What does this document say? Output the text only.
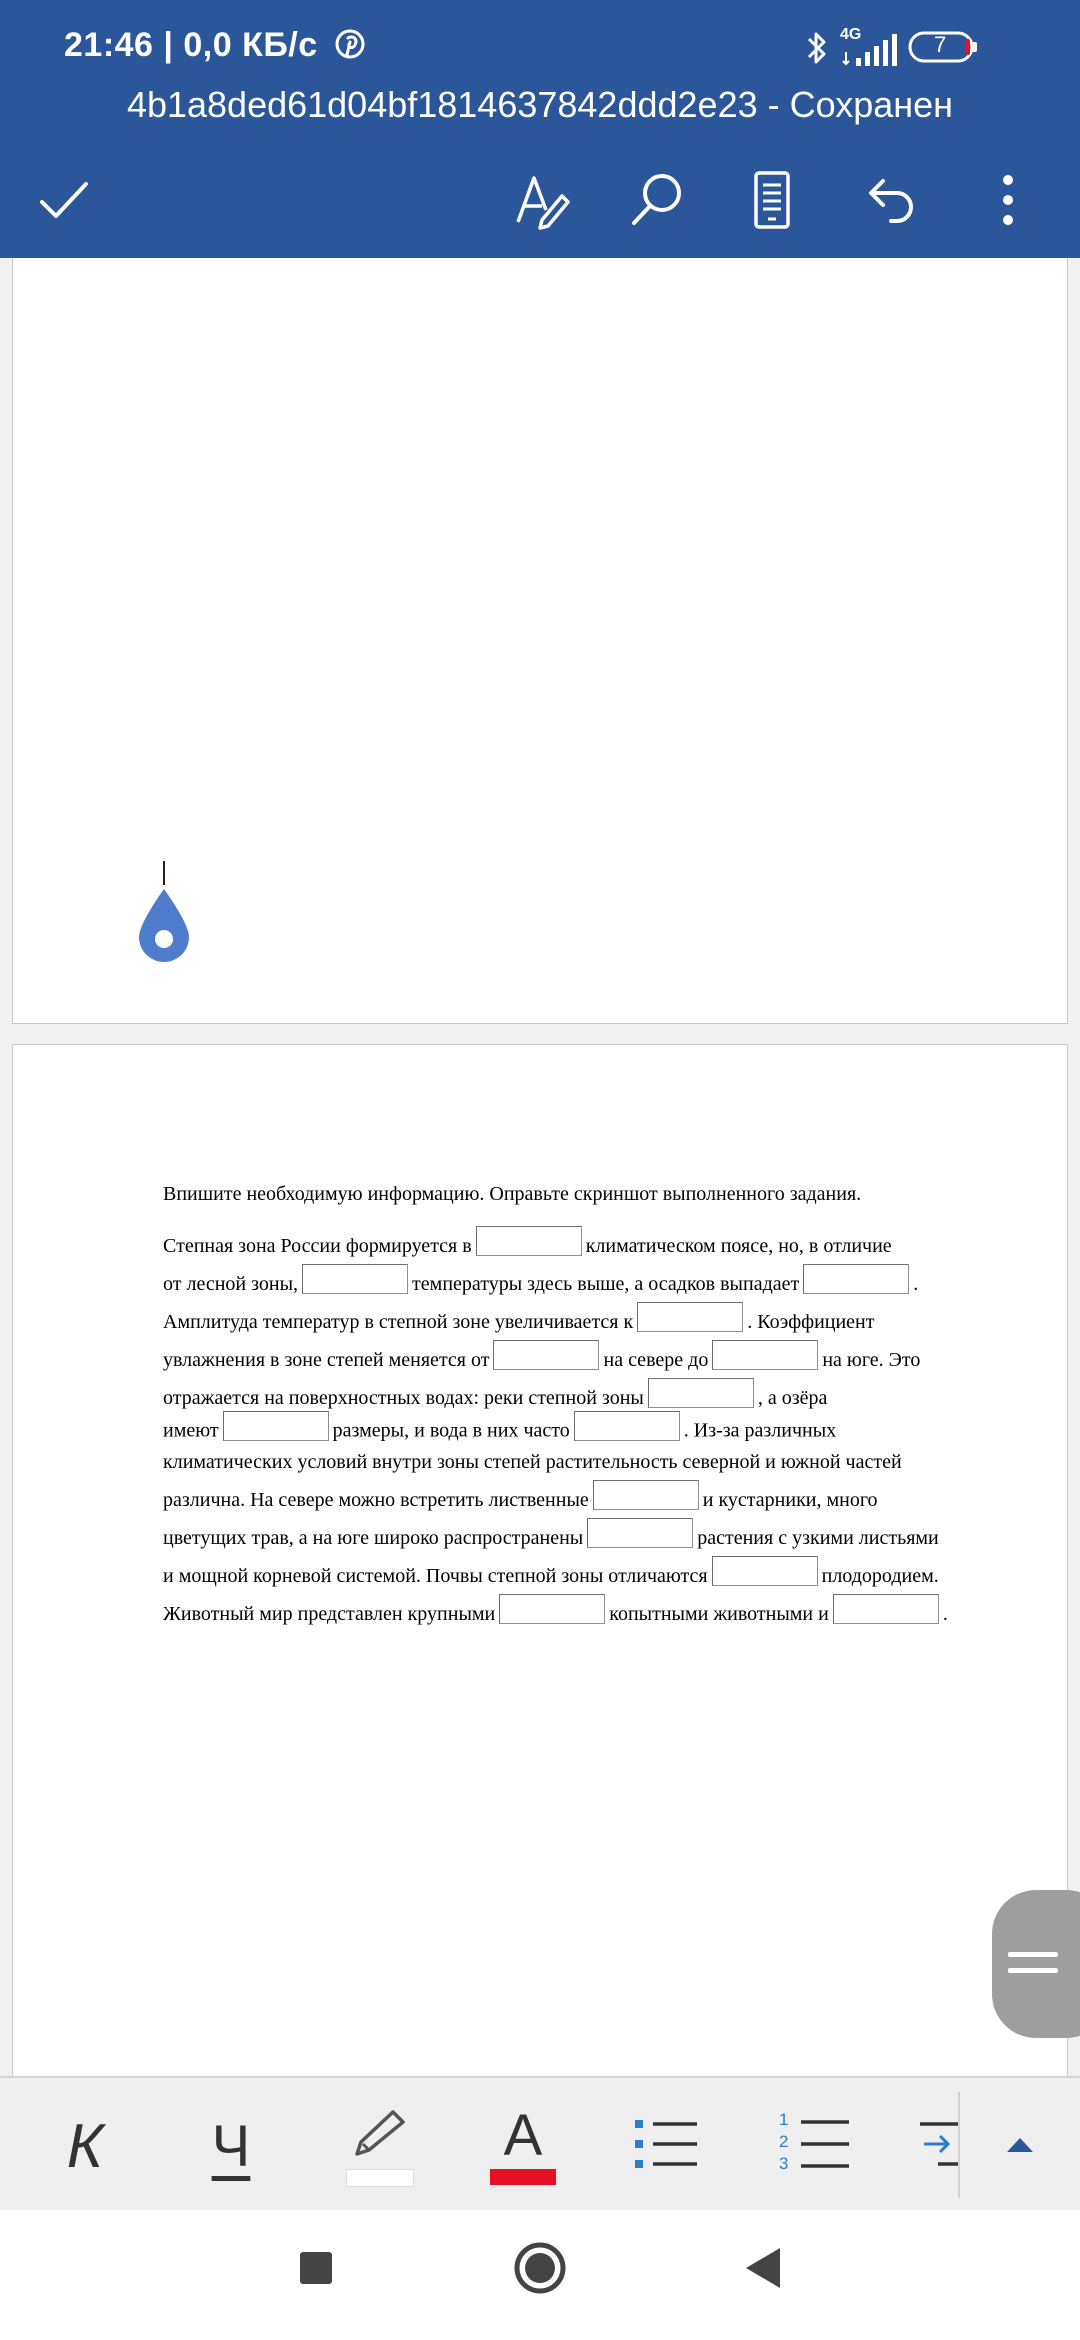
21:46 | 0,0 КБ/с	4G	7
4b1a8ded61d04bf1814637842ddd2e23 - Сохранен
Впишите необходимую информацию. Оправьте скриншот выполненного задания.
Степная зона России формируется в	климатическом поясе, но, в отличие
от лесной зоны,	температуры здесь выше, а осадков выпадает	.
Амплитуда температур в степной зоне увеличивается к	. Коэффициент
увлажнения в зоне степей меняется от	на севере до	на юге. Это
отражается на поверхностных водах: реки степной зоны	, а озёра
имеют	размеры, и вода в них часто	. Из-за различных
климатических условий внутри зоны степей растительность северной и южной частей
различна. На севере можно встретить лиственные	и кустарники, много
цветущих трав, а на юге широко распространены	растения с узкими листьями
и мощной корневой системой. Почвы степной зоны отличаются	плодородием.
Животный мир представлен крупными	копытными животными и	.
К Ч	А	1
2
3
